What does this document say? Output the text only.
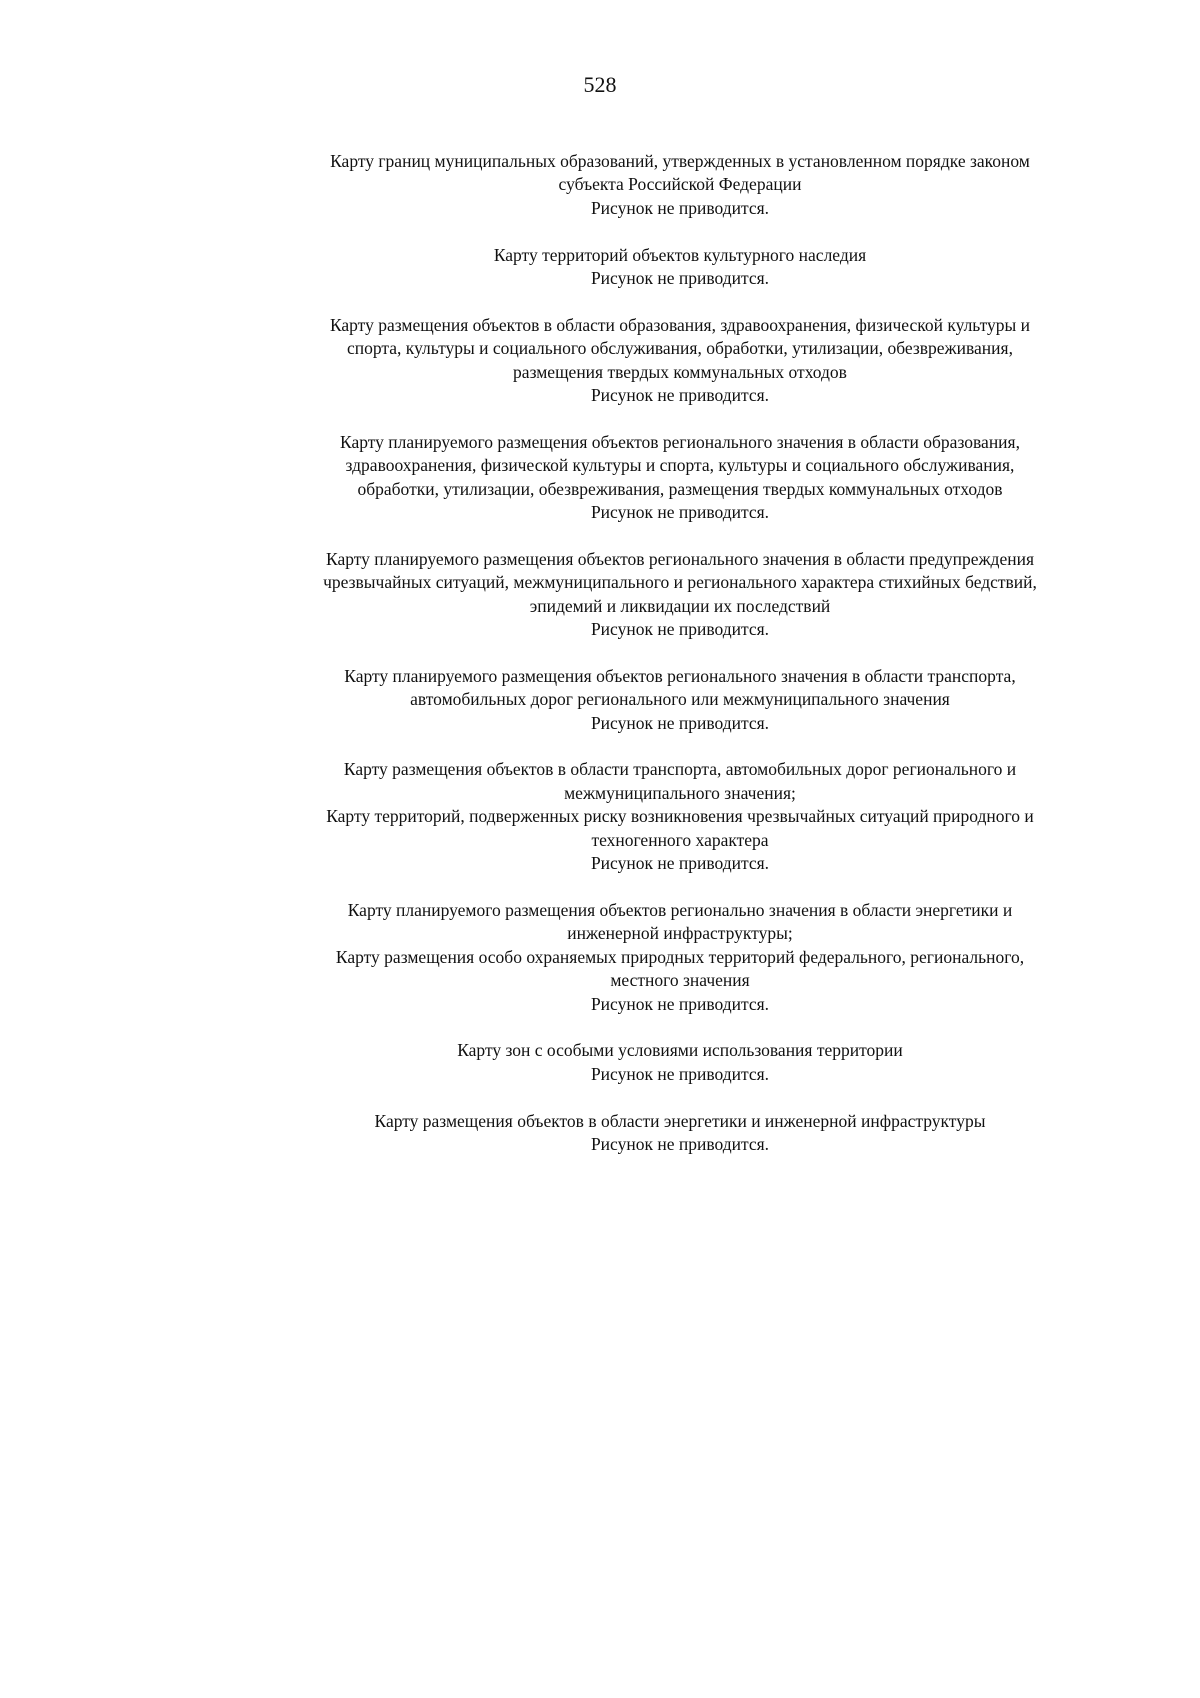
528
Карту границ муниципальных образований, утвержденных в установленном порядке законом
субъекта Российской Федерации
Рисунок не приводится.
Карту территорий объектов культурного наследия
Рисунок не приводится.
Карту размещения объектов в области образования, здравоохранения, физической культуры и
спорта, культуры и социального обслуживания, обработки, утилизации, обезвреживания,
размещения твердых коммунальных отходов
Рисунок не приводится.
Карту планируемого размещения объектов регионального значения в области образования,
здравоохранения, физической культуры и спорта, культуры и социального обслуживания,
обработки, утилизации, обезвреживания, размещения твердых коммунальных отходов
Рисунок не приводится.
Карту планируемого размещения объектов регионального значения в области предупреждения
чрезвычайных ситуаций, межмуниципального и регионального характера стихийных бедствий,
эпидемий и ликвидации их последствий
Рисунок не приводится.
Карту планируемого размещения объектов регионального значения в области транспорта,
автомобильных дорог регионального или межмуниципального значения
Рисунок не приводится.
Карту размещения объектов в области транспорта, автомобильных дорог регионального и
межмуниципального значения;
Карту территорий, подверженных риску возникновения чрезвычайных ситуаций природного и
техногенного характера
Рисунок не приводится.
Карту планируемого размещения объектов регионально значения в области энергетики и
инженерной инфраструктуры;
Карту размещения особо охраняемых природных территорий федерального, регионального,
местного значения
Рисунок не приводится.
Карту зон с особыми условиями использования территории
Рисунок не приводится.
Карту размещения объектов в области энергетики и инженерной инфраструктуры
Рисунок не приводится.
